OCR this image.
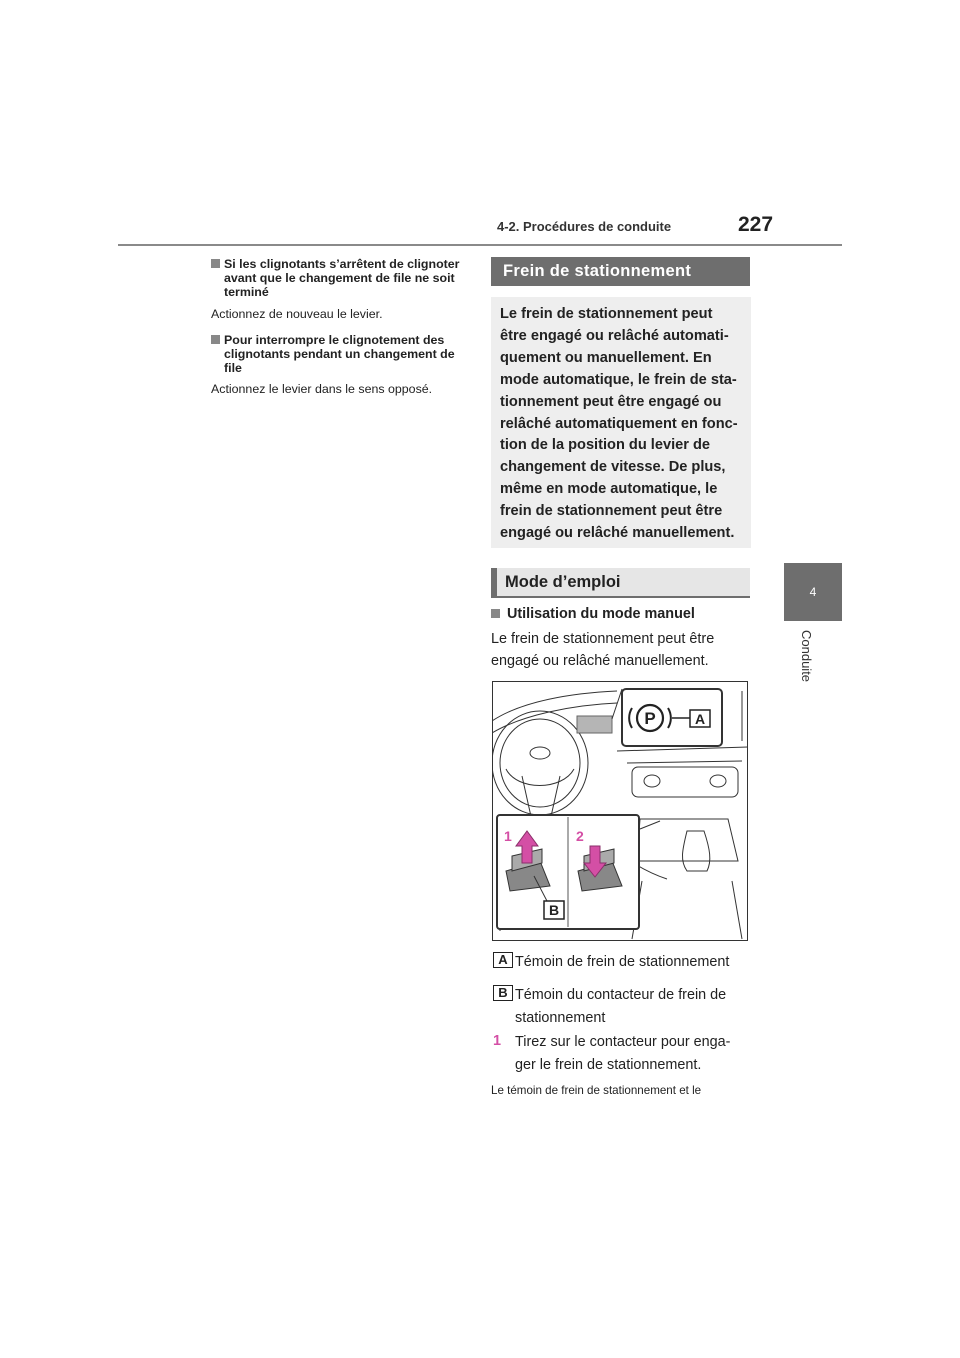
4-2. Procédures de conduite	227
4
Conduite
Si les clignotants s’arrêtent de clignoter avant que le changement de file ne soit terminé
Actionnez de nouveau le levier.
Pour interrompre le clignotement des clignotants pendant un changement de file
Actionnez le levier dans le sens opposé.
Frein de stationnement
Le frein de stationnement peut
être engagé ou relâché automati-
quement ou manuellement. En
mode automatique, le frein de sta-
tionnement peut être engagé ou
relâché automatiquement en fonc-
tion de la position du levier de
changement de vitesse. De plus,
même en mode automatique, le
frein de stationnement peut être
engagé ou relâché manuellement.
Mode d’emploi
Utilisation du mode manuel
Le frein de stationnement peut être
engagé ou relâché manuellement.
P	A
B
1	2
A Témoin de frein de stationnement
B Témoin du contacteur de frein de
stationnement
1 Tirez sur le contacteur pour enga-
ger le frein de stationnement.
Le témoin de frein de stationnement et le
